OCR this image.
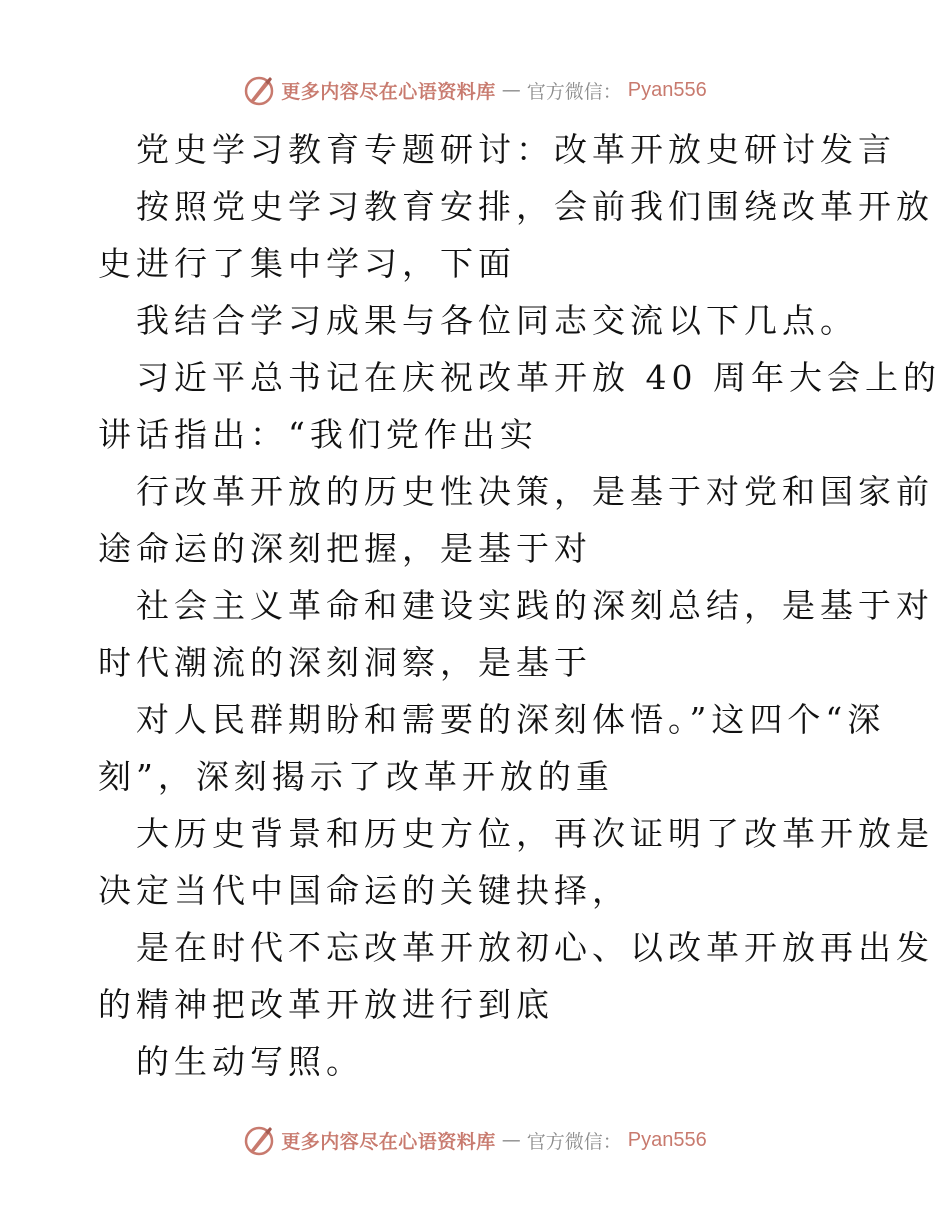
更多内容尽在心语资料库 — 官方微信： Pyan556
党史学习教育专题研讨：改革开放史研讨发言
按照党史学习教育安排，会前我们围绕改革开放
史进行了集中学习，下面
我结合学习成果与各位同志交流以下几点。
习近平总书记在庆祝改革开放 40 周年大会上的
讲话指出：“我们党作出实
行改革开放的历史性决策，是基于对党和国家前
途命运的深刻把握，是基于对
社会主义革命和建设实践的深刻总结，是基于对
时代潮流的深刻洞察，是基于
对人民群期盼和需要的深刻体悟。”这四个“深
刻”，深刻揭示了改革开放的重
大历史背景和历史方位，再次证明了改革开放是
决定当代中国命运的关键抉择，
是在时代不忘改革开放初心、以改革开放再出发
的精神把改革开放进行到底
的生动写照。
更多内容尽在心语资料库 — 官方微信： Pyan556
